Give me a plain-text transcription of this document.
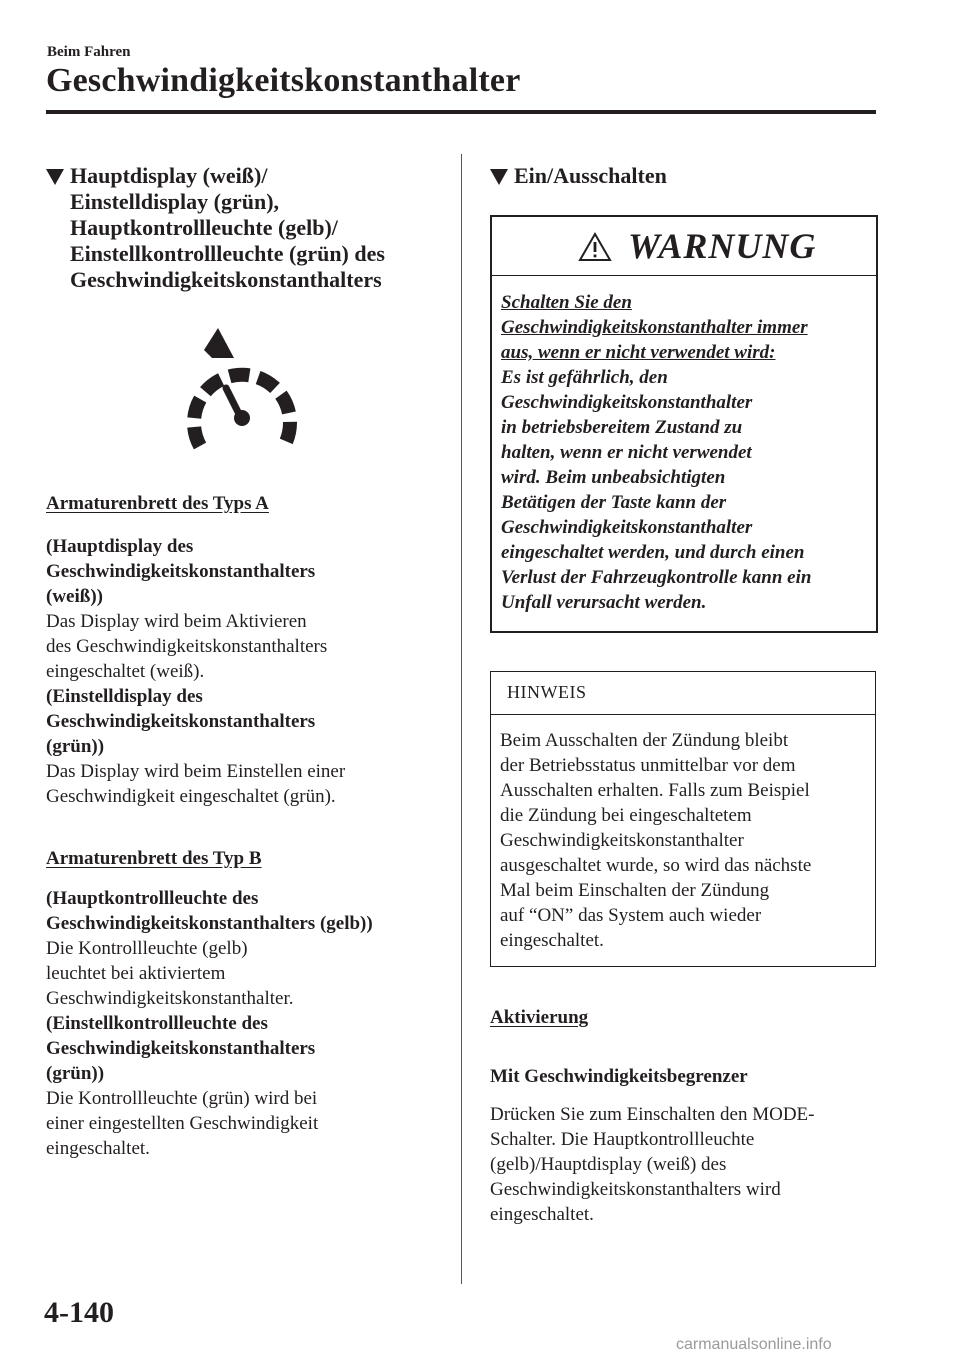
Beim Fahren
Geschwindigkeitskonstanthalter
Hauptdisplay (weiß)/
Einstelldisplay (grün),
Hauptkontrollleuchte (gelb)/
Einstellkontrollleuchte (grün) des
Geschwindigkeitskonstanthalters
Armaturenbrett des Typs A
(Hauptdisplay des
Geschwindigkeitskonstanthalters
(weiß))
Das Display wird beim Aktivieren
des Geschwindigkeitskonstanthalters
eingeschaltet (weiß).
(Einstelldisplay des
Geschwindigkeitskonstanthalters
(grün))
Das Display wird beim Einstellen einer
Geschwindigkeit eingeschaltet (grün).
Armaturenbrett des Typ B
(Hauptkontrollleuchte des
Geschwindigkeitskonstanthalters (gelb))
Die Kontrollleuchte (gelb)
leuchtet bei aktiviertem
Geschwindigkeitskonstanthalter.
(Einstellkontrollleuchte des
Geschwindigkeitskonstanthalters
(grün))
Die Kontrollleuchte (grün) wird bei
einer eingestellten Geschwindigkeit
eingeschaltet.
Ein/Ausschalten
WARNUNG
Schalten Sie den
Geschwindigkeitskonstanthalter immer
aus, wenn er nicht verwendet wird:
Es ist gefährlich, den
Geschwindigkeitskonstanthalter
in betriebsbereitem Zustand zu
halten, wenn er nicht verwendet
wird. Beim unbeabsichtigten
Betätigen der Taste kann der
Geschwindigkeitskonstanthalter
eingeschaltet werden, und durch einen
Verlust der Fahrzeugkontrolle kann ein
Unfall verursacht werden.
HINWEIS
Beim Ausschalten der Zündung bleibt
der Betriebsstatus unmittelbar vor dem
Ausschalten erhalten. Falls zum Beispiel
die Zündung bei eingeschaltetem
Geschwindigkeitskonstanthalter
ausgeschaltet wurde, so wird das nächste
Mal beim Einschalten der Zündung
auf “ON” das System auch wieder
eingeschaltet.
Aktivierung
Mit Geschwindigkeitsbegrenzer
Drücken Sie zum Einschalten den MODE-
Schalter. Die Hauptkontrollleuchte
(gelb)/Hauptdisplay (weiß) des
Geschwindigkeitskonstanthalters wird
eingeschaltet.
4-140
carmanualsonline.info
